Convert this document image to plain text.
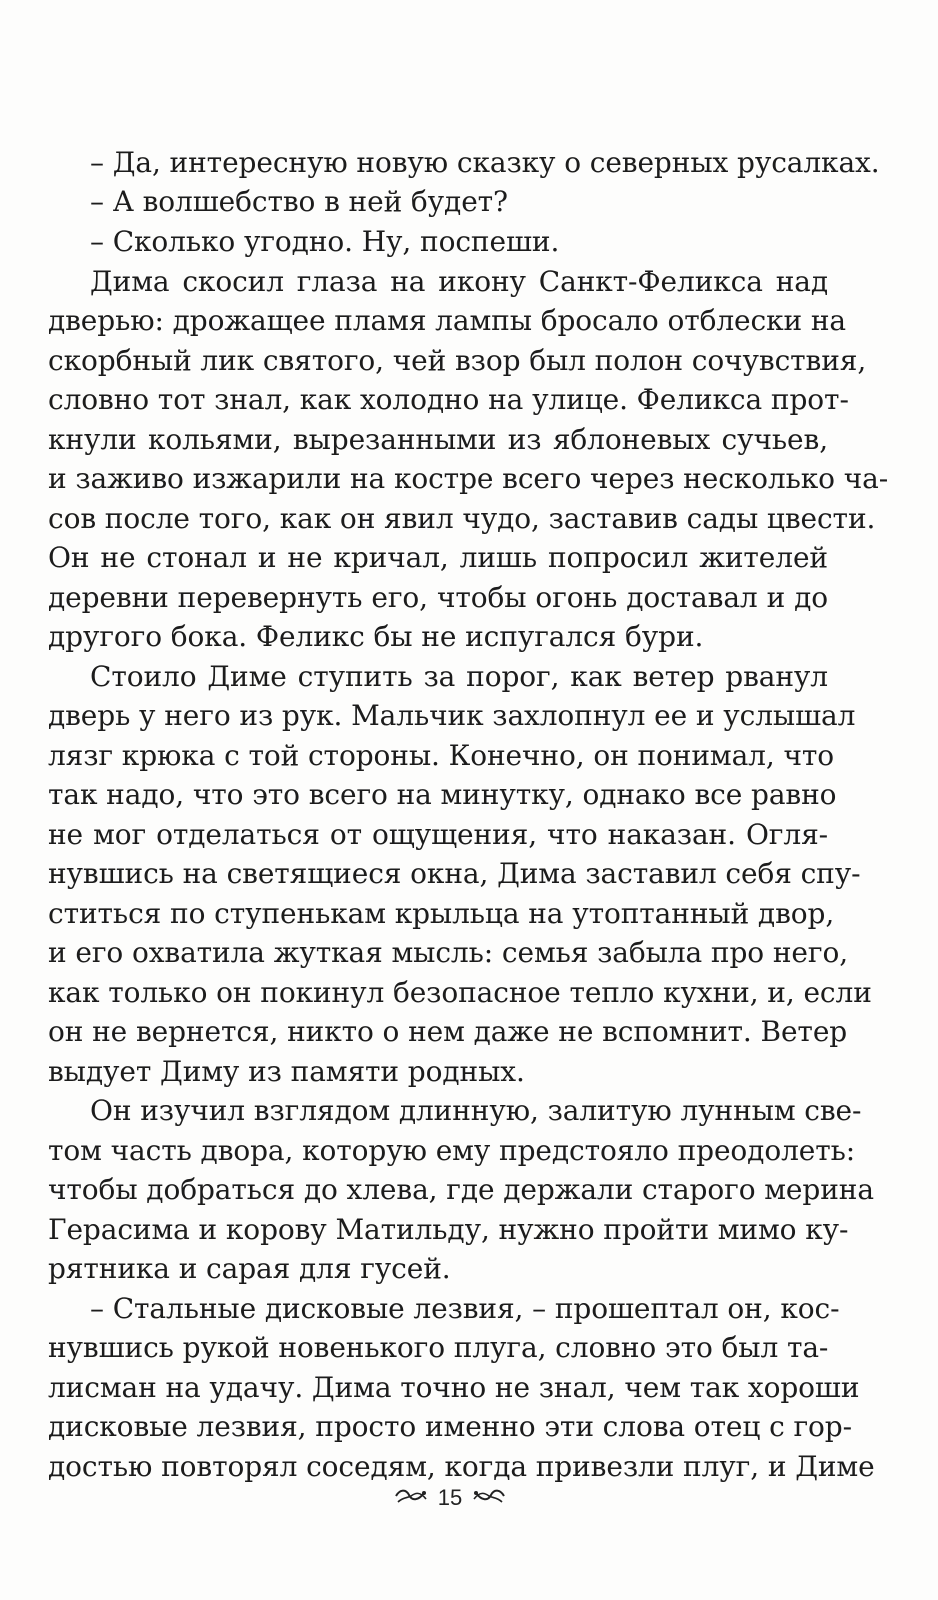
– Да, интересную новую сказку о северных русалках.
– А волшебство в ней будет?
– Сколько угодно. Ну, поспеши.
Дима скосил глаза на икону Санкт-Феликса над
дверью: дрожащее пламя лампы бросало отблески на
скорбный лик святого, чей взор был полон сочувствия,
словно тот знал, как холодно на улице. Феликса прот-
кнули кольями, вырезанными из яблоневых сучьев,
и заживо изжарили на костре всего через несколько ча-
сов после того, как он явил чудо, заставив сады цвести.
Он не стонал и не кричал, лишь попросил жителей
деревни перевернуть его, чтобы огонь доставал и до
другого бока. Феликс бы не испугался бури.
Стоило Диме ступить за порог, как ветер рванул
дверь у него из рук. Мальчик захлопнул ее и услышал
лязг крюка с той стороны. Конечно, он понимал, что
так надо, что это всего на минутку, однако все равно
не мог отделаться от ощущения, что наказан. Огля-
нувшись на светящиеся окна, Дима заставил себя спу-
ститься по ступенькам крыльца на утоптанный двор,
и его охватила жуткая мысль: семья забыла про него,
как только он покинул безопасное тепло кухни, и, если
он не вернется, никто о нем даже не вспомнит. Ветер
выдует Диму из памяти родных.
Он изучил взглядом длинную, залитую лунным све-
том часть двора, которую ему предстояло преодолеть:
чтобы добраться до хлева, где держали старого мерина
Герасима и корову Матильду, нужно пройти мимо ку-
рятника и сарая для гусей.
– Стальные дисковые лезвия, – прошептал он, кос-
нувшись рукой новенького плуга, словно это был та-
лисман на удачу. Дима точно не знал, чем так хороши
дисковые лезвия, просто именно эти слова отец с гор-
достью повторял соседям, когда привезли плуг, и Диме
15
